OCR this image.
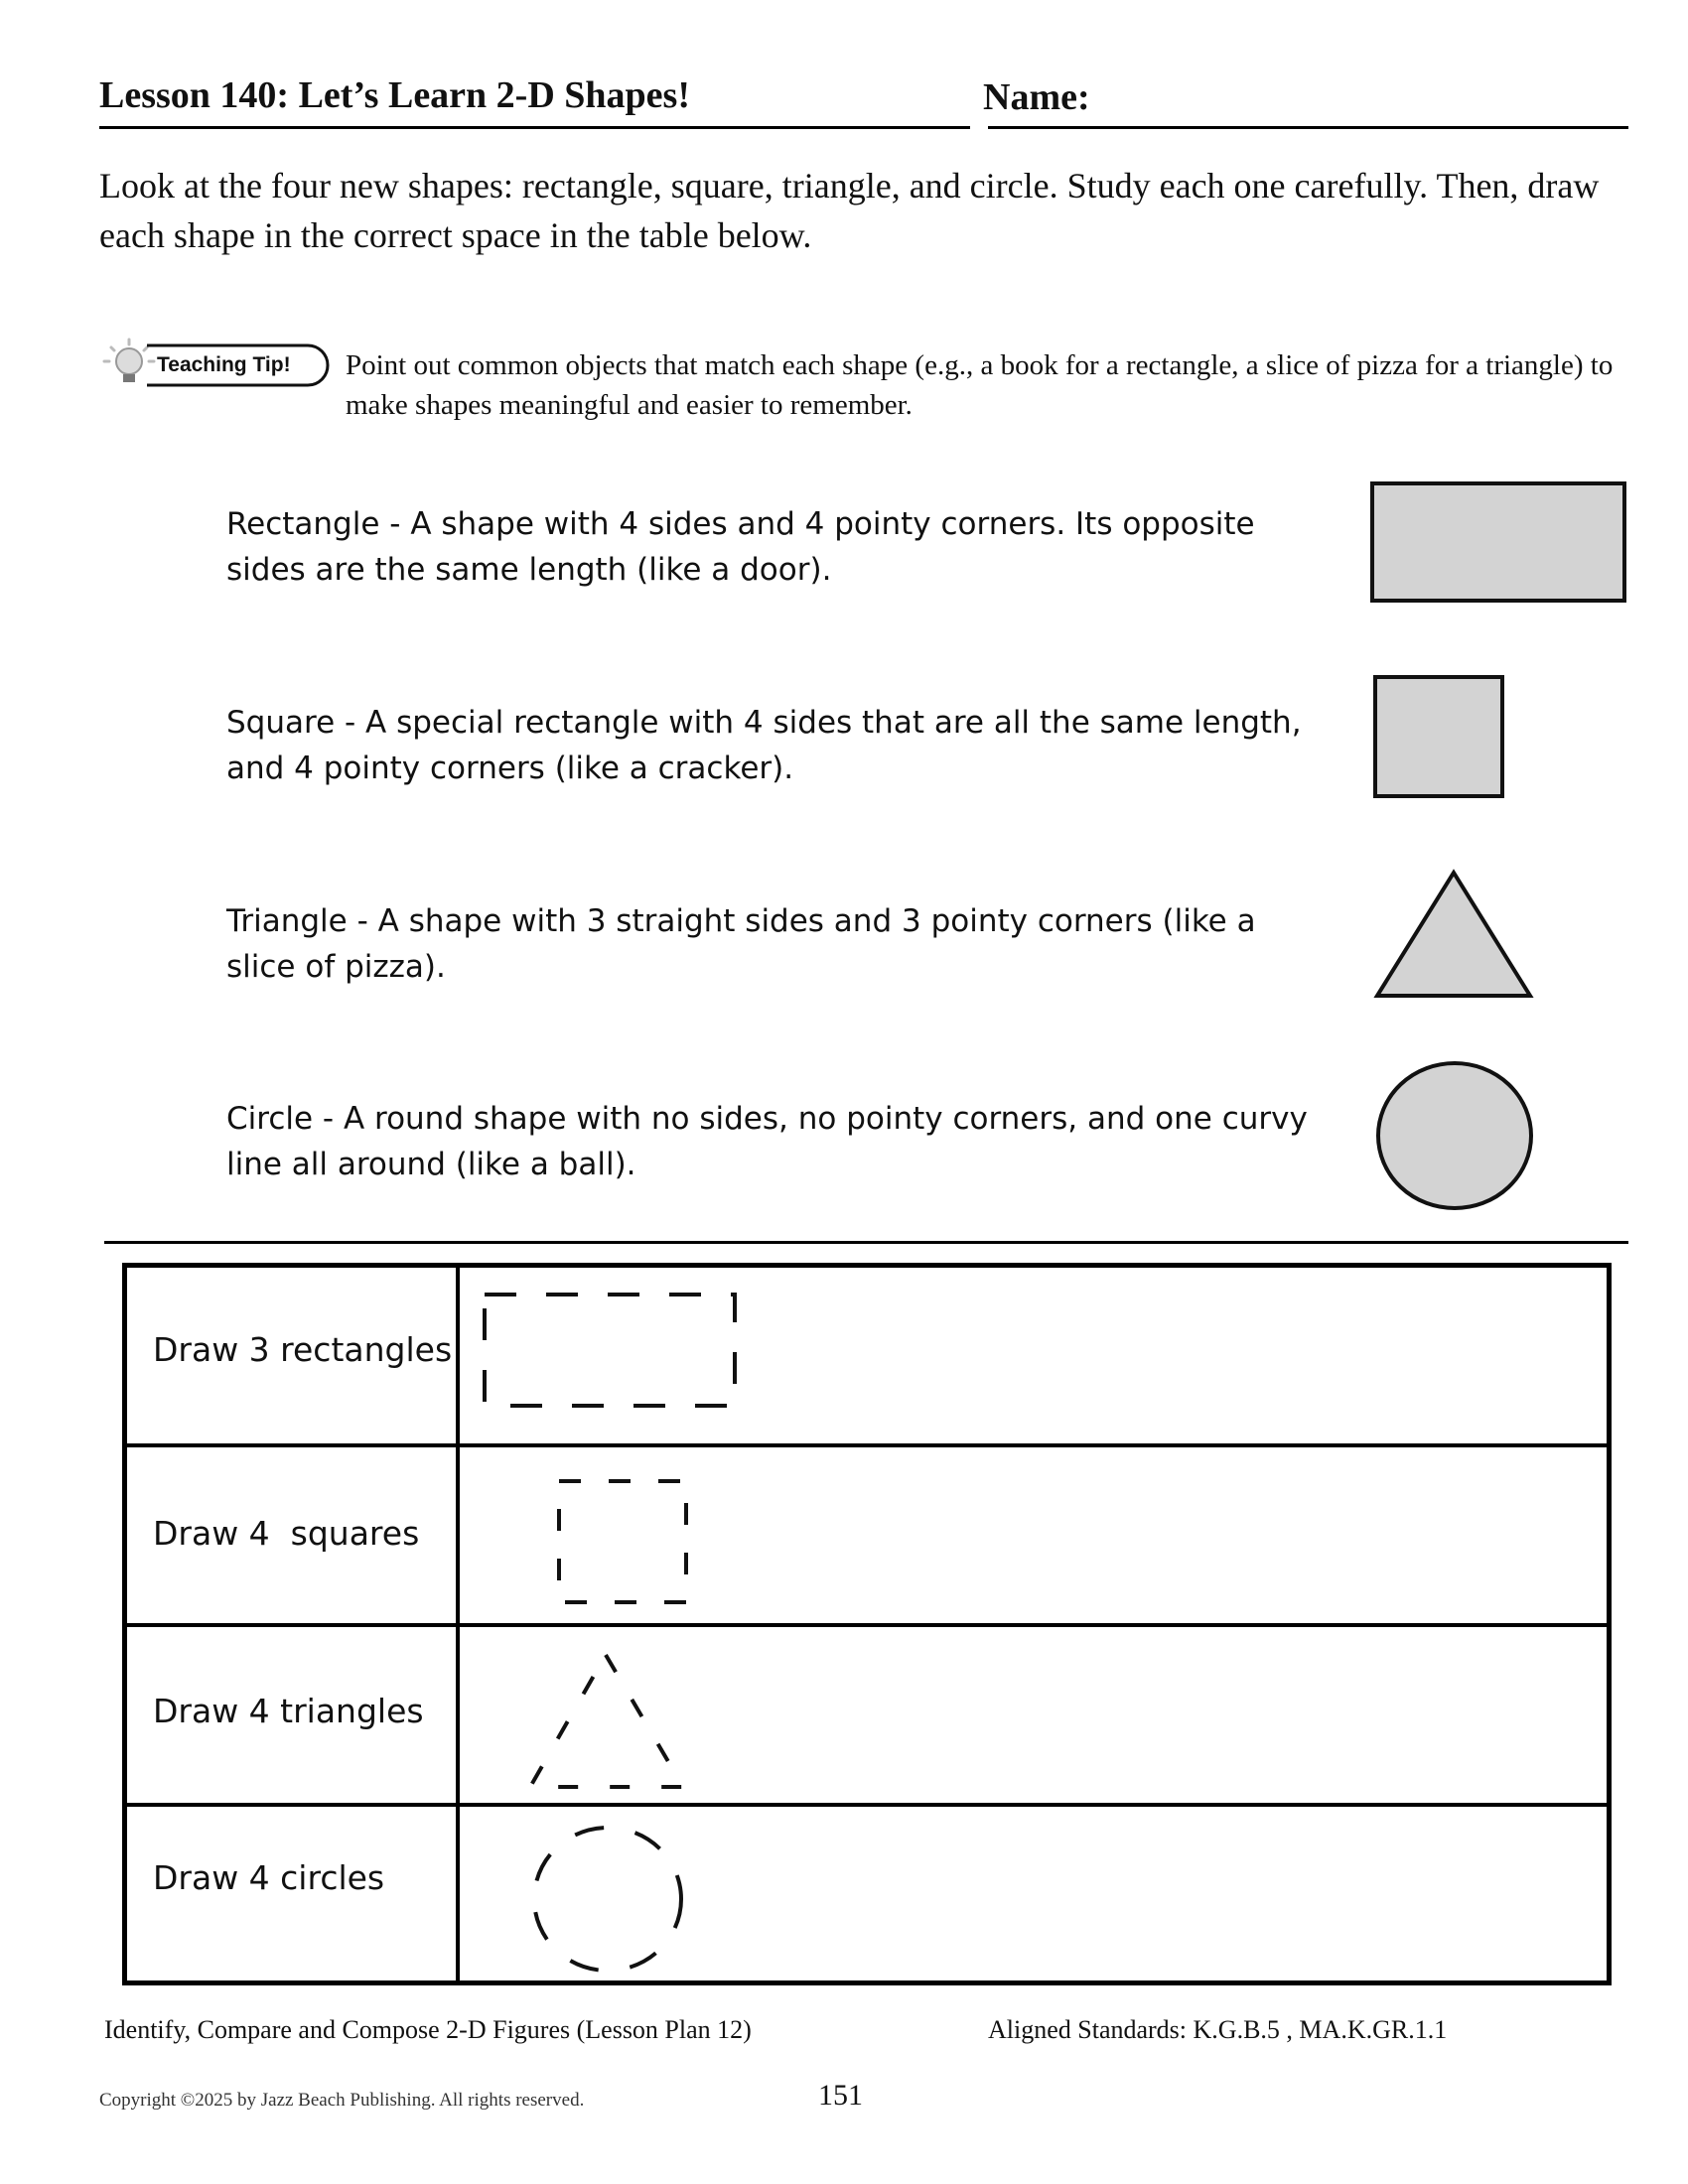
Lesson 140: Let’s Learn 2-D Shapes!	Name:
Look at the four new shapes: rectangle, square, triangle, and circle. Study each one carefully. Then, draw each shape in the correct space in the table below.
Teaching Tip! Point out common objects that match each shape (e.g., a book for a rectangle, a slice of pizza for a triangle) to make shapes meaningful and easier to remember.
Rectangle - A shape with 4 sides and 4 pointy corners. Its opposite sides are the same length (like a door).
Square - A special rectangle with 4 sides that are all the same length, and 4 pointy corners (like a cracker).
Triangle - A shape with 3 straight sides and 3 pointy corners (like a slice of pizza).
Circle - A round shape with no sides, no pointy corners, and one curvy line all around (like a ball).
Draw 3 rectangles
Draw 4  squares
Draw 4 triangles
Draw 4 circles
Identify, Compare and Compose 2-D Figures (Lesson Plan 12)	Aligned Standards: K.G.B.5 , MA.K.GR.1.1
Copyright ©2025 by Jazz Beach Publishing. All rights reserved.	151
